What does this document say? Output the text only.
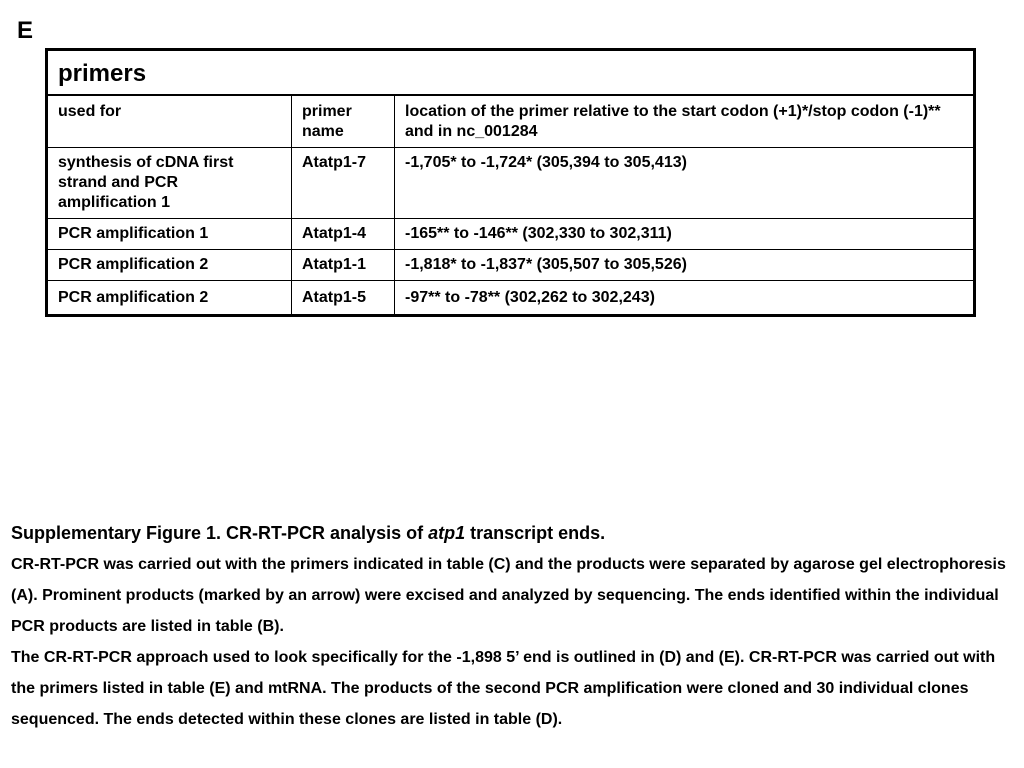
E
primers		
used for	primer name	location of the primer relative to the start codon (+1)*/stop codon (-1)** and in nc_001284
synthesis of cDNA first strand and PCR amplification 1	Atatp1-7	-1,705* to -1,724* (305,394 to 305,413)
PCR amplification 1	Atatp1-4	-165** to -146** (302,330 to 302,311)
PCR amplification 2	Atatp1-1	-1,818* to -1,837* (305,507 to 305,526)
PCR amplification 2	Atatp1-5	-97** to -78** (302,262 to 302,243)
Supplementary Figure 1. CR-RT-PCR analysis of atp1 transcript ends.

CR-RT-PCR was carried out with the primers indicated in table (C) and the products were separated by agarose gel electrophoresis (A). Prominent products (marked by an arrow) were excised and analyzed by sequencing. The ends identified within the individual PCR products are listed in table (B).

The CR-RT-PCR approach used to look specifically for the -1,898 5’ end is outlined in (D) and (E). CR-RT-PCR was carried out with the primers listed in table (E) and mtRNA. The products of the second PCR amplification were cloned and 30 individual clones sequenced. The ends detected within these clones are listed in table (D).
